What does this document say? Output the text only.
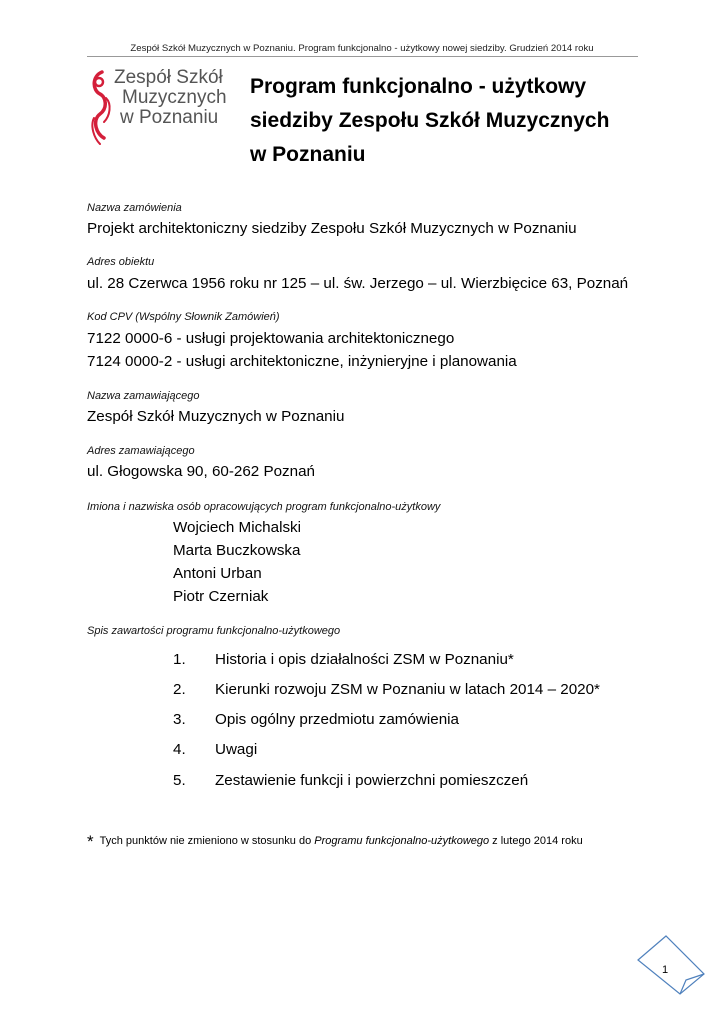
Zespół Szkół Muzycznych w Poznaniu. Program funkcjonalno - użytkowy nowej siedziby. Grudzień 2014 roku
Zespół Szkół
Muzycznych
w Poznaniu
Program funkcjonalno - użytkowy
siedziby Zespołu Szkół Muzycznych
w Poznaniu
Nazwa zamówienia
Projekt architektoniczny siedziby Zespołu Szkół Muzycznych w Poznaniu
Adres obiektu
ul. 28 Czerwca 1956 roku nr 125 – ul. św. Jerzego – ul. Wierzbięcice 63, Poznań
Kod CPV (Wspólny Słownik Zamówień)
7122 0000-6 - usługi projektowania architektonicznego
7124 0000-2 - usługi architektoniczne, inżynieryjne i planowania
Nazwa zamawiającego
Zespół Szkół Muzycznych w Poznaniu
Adres zamawiającego
ul. Głogowska 90, 60-262 Poznań
Imiona i nazwiska osób opracowujących program funkcjonalno-użytkowy
Wojciech Michalski
Marta Buczkowska
Antoni Urban
Piotr Czerniak
Spis zawartości programu funkcjonalno-użytkowego
1. Historia i opis działalności ZSM w Poznaniu*
2. Kierunki rozwoju ZSM w Poznaniu w latach 2014 – 2020*
3. Opis ogólny przedmiotu zamówienia
4. Uwagi
5. Zestawienie funkcji i powierzchni pomieszczeń
* Tych punktów nie zmieniono w stosunku do Programu funkcjonalno-użytkowego z lutego 2014 roku
1
